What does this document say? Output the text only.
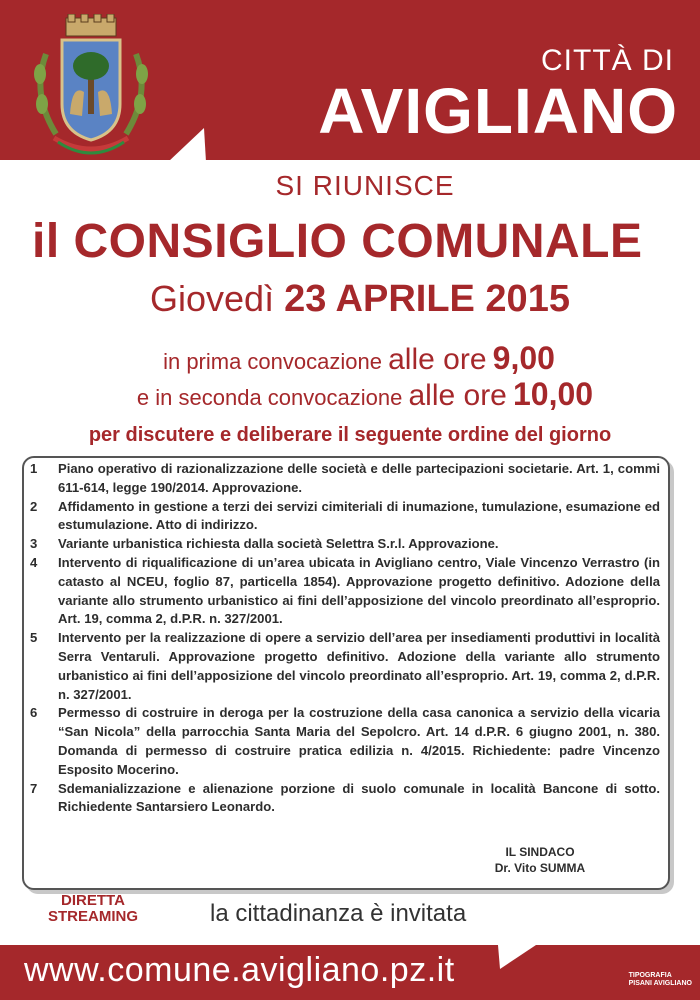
CITTÀ DI
AVIGLIANO
SI RIUNISCE
il CONSIGLIO COMUNALE
Giovedì 23 APRILE 2015
in prima convocazione alle ore 9,00
e in seconda convocazione alle ore 10,00
per discutere e deliberare il seguente ordine del giorno
1	Piano operativo di razionalizzazione delle società e delle partecipazioni societarie. Art. 1, commi 611-614, legge 190/2014. Approvazione.
2	Affidamento in gestione a terzi dei servizi cimiteriali di inumazione, tumulazione, esumazione ed estumulazione. Atto di indirizzo.
3	Variante urbanistica richiesta dalla società Selettra S.r.l. Approvazione.
4	Intervento di riqualificazione di un’area ubicata in Avigliano centro, Viale Vincenzo Verrastro (in catasto al NCEU, foglio 87, particella 1854). Approvazione progetto definitivo. Adozione della variante allo strumento urbanistico ai fini dell’apposizione del vincolo preordinato all’esproprio. Art. 19, comma 2, d.P.R. n. 327/2001.
5	Intervento per la realizzazione di opere a servizio dell’area per insediamenti produttivi in località Serra Ventaruli. Approvazione progetto definitivo. Adozione della variante allo strumento urbanistico ai fini dell’apposizione del vincolo preordinato all’esproprio. Art. 19, comma 2, d.P.R. n. 327/2001.
6	Permesso di costruire in deroga per la costruzione della casa canonica a servizio della vicaria “San Nicola” della parrocchia Santa Maria del Sepolcro. Art. 14 d.P.R. 6 giugno 2001, n. 380. Domanda di permesso di costruire pratica edilizia n. 4/2015. Richiedente: padre Vincenzo Esposito Mocerino.
7	Sdemanializzazione e alienazione porzione di suolo comunale in località Bancone di sotto. Richiedente Santarsiero Leonardo.
IL SINDACO
Dr. Vito SUMMA
DIRETTA
STREAMING	la cittadinanza è invitata
www.comune.avigliano.pz.it	TIPOGRAFIA
PISANI AVIGLIANO
